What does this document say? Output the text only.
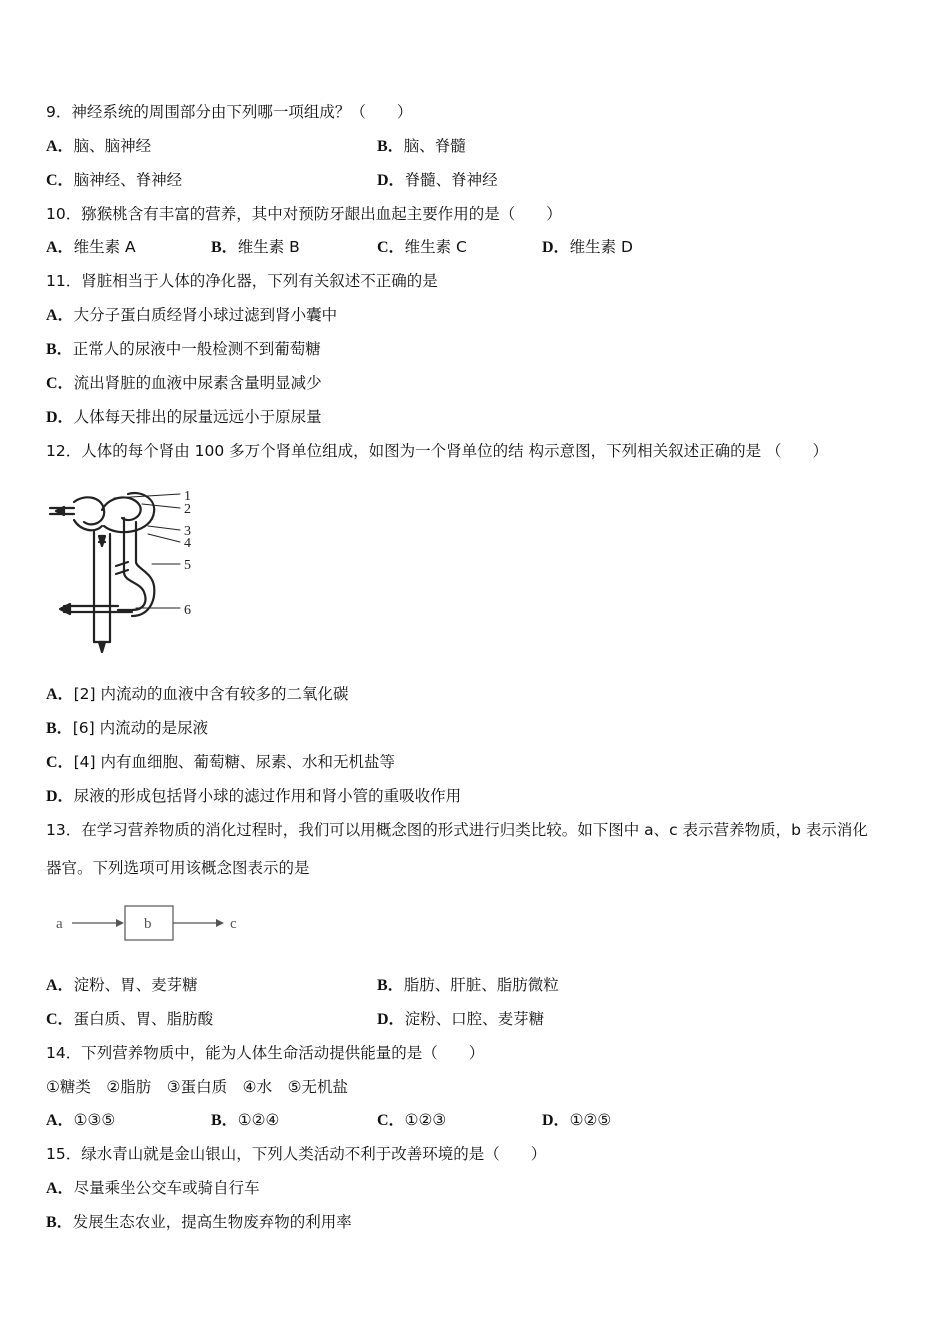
9．神经系统的周围部分由下列哪一项组成？（　　）
A．脑、脑神经	B．脑、脊髓
C．脑神经、脊神经	D．脊髓、脊神经
10．猕猴桃含有丰富的营养，其中对预防牙龈出血起主要作用的是（　　）
A．维生素 A	B．维生素 B	C．维生素 C	D．维生素 D
11．肾脏相当于人体的净化器，下列有关叙述不正确的是
A．大分子蛋白质经肾小球过滤到肾小囊中
B．正常人的尿液中一般检测不到葡萄糖
C．流出肾脏的血液中尿素含量明显减少
D．人体每天排出的尿量远远小于原尿量
12．人体的每个肾由 100 多万个肾单位组成，如图为一个肾单位的结 构示意图，下列相关叙述正确的是 （　　）
1
2
3
4
5
6
A．[2] 内流动的血液中含有较多的二氧化碳
B．[6] 内流动的是尿液
C．[4] 内有血细胞、葡萄糖、尿素、水和无机盐等
D．尿液的形成包括肾小球的滤过作用和肾小管的重吸收作用
13．在学习营养物质的消化过程时，我们可以用概念图的形式进行归类比较。如下图中 a、c 表示营养物质，b 表示消化
器官。下列选项可用该概念图表示的是
a	b	c
A．淀粉、胃、麦芽糖	B．脂肪、肝脏、脂肪微粒
C．蛋白质、胃、脂肪酸	D．淀粉、口腔、麦芽糖
14．下列营养物质中，能为人体生命活动提供能量的是（　　）
①糖类　②脂肪　③蛋白质　④水　⑤无机盐
A．①③⑤	B．①②④	C．①②③	D．①②⑤
15．绿水青山就是金山银山，下列人类活动不利于改善环境的是（　　）
A．尽量乘坐公交车或骑自行车
B．发展生态农业，提高生物废弃物的利用率
